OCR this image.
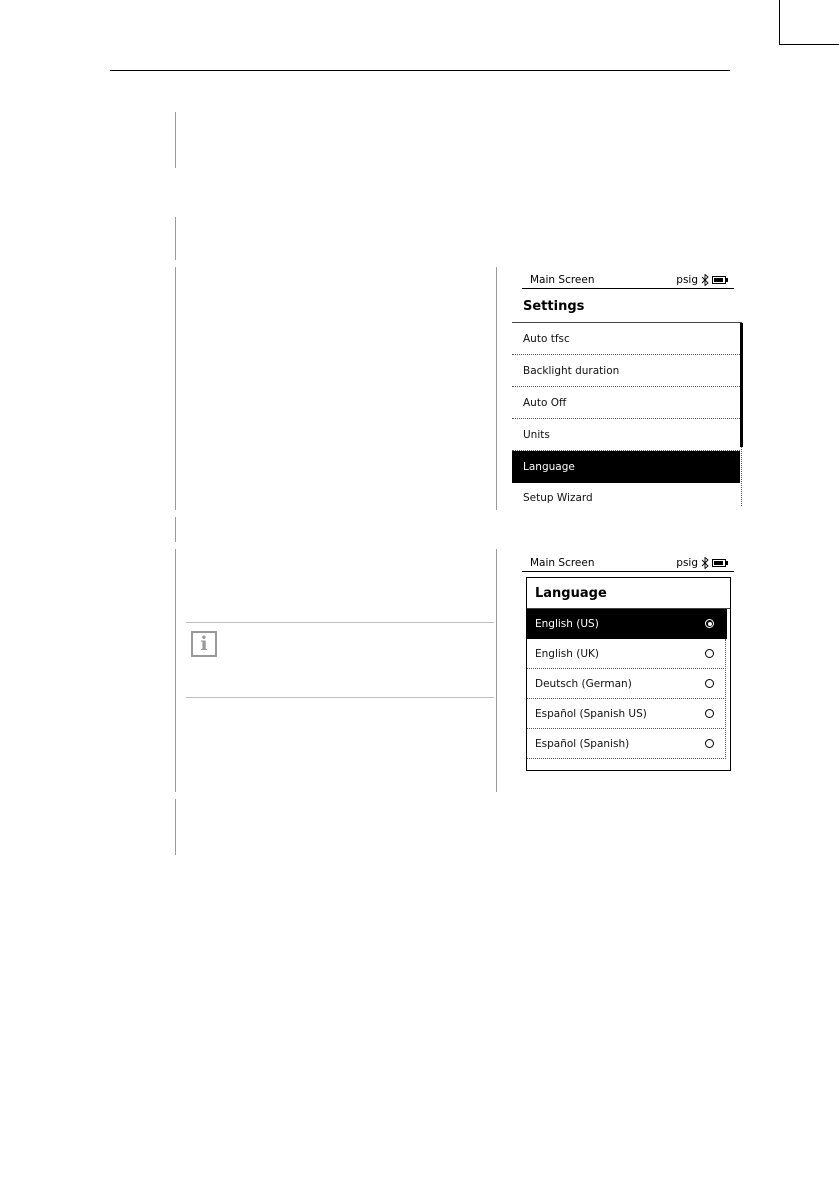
i
Main Screen	psig
Settings
Auto tfsc
Backlight duration
Auto Off
Units
Language
Setup Wizard
Main Screen	psig
Language
English (US)
English (UK)
Deutsch (German)
Español (Spanish US)
Español (Spanish)
